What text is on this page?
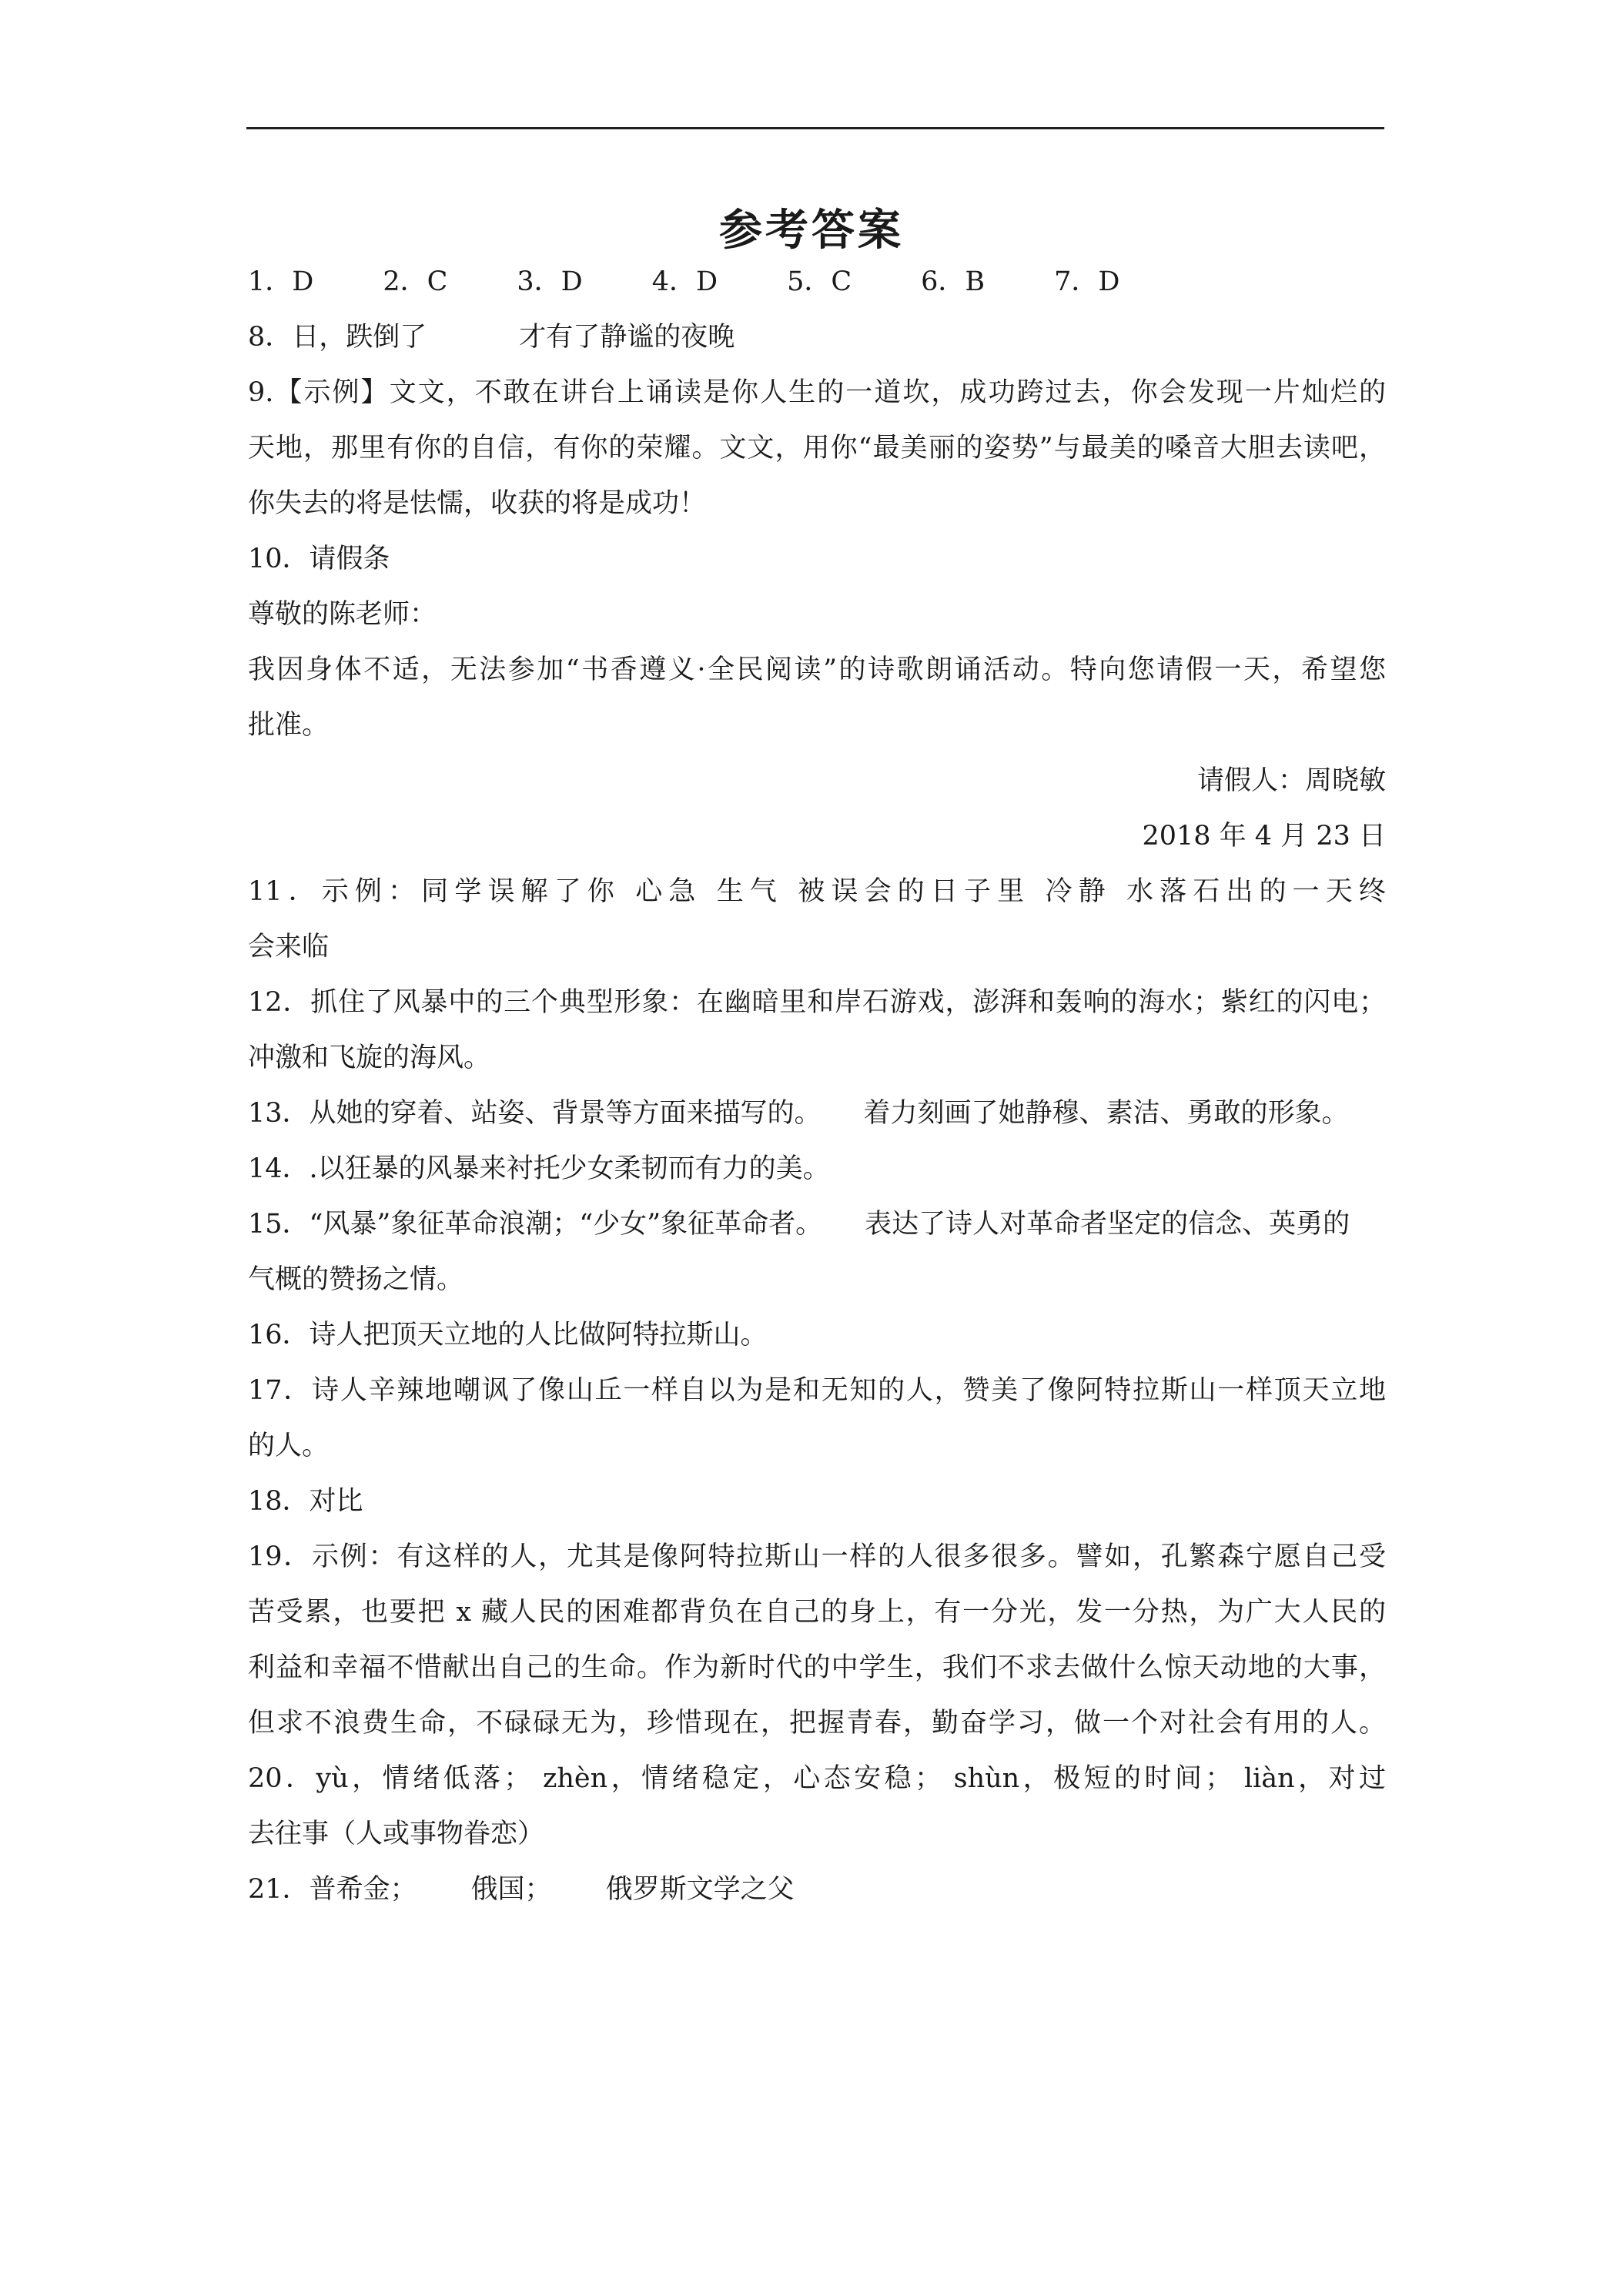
参考答案
1．D	2．C	3．D	4．D	5．C	6．B	7．D
8．日，跌倒了	才有了静谧的夜晚
9.【示例】文文，不敢在讲台上诵读是你人生的一道坎，成功跨过去，你会发现一片灿烂的
天地，那里有你的自信，有你的荣耀。文文，用你“最美丽的姿势”与最美的嗓音大胆去读吧，
你失去的将是怯懦，收获的将是成功！
10．请假条
尊敬的陈老师：
我因身体不适，无法参加“书香遵义·全民阅读”的诗歌朗诵活动。特向您请假一天，希望您
批准。
请假人：周晓敏
2018 年 4 月 23 日
11．示例：同学误解了你 心急 生气 被误会的日子里 冷静 水落石出的一天终
会来临
12．抓住了风暴中的三个典型形象：在幽暗里和岸石游戏，澎湃和轰响的海水；紫红的闪电；
冲激和飞旋的海风。
13．从她的穿着、站姿、背景等方面来描写的。 着力刻画了她静穆、素洁、勇敢的形象。
14．.以狂暴的风暴来衬托少女柔韧而有力的美。
15．“风暴”象征革命浪潮；“少女”象征革命者。 表达了诗人对革命者坚定的信念、英勇的
气概的赞扬之情。
16．诗人把顶天立地的人比做阿特拉斯山。
17．诗人辛辣地嘲讽了像山丘一样自以为是和无知的人，赞美了像阿特拉斯山一样顶天立地
的人。
18．对比
19．示例：有这样的人，尤其是像阿特拉斯山一样的人很多很多。譬如，孔繁森宁愿自己受
苦受累，也要把 x 藏人民的困难都背负在自己的身上，有一分光，发一分热，为广大人民的
利益和幸福不惜献出自己的生命。作为新时代的中学生，我们不求去做什么惊天动地的大事，
但求不浪费生命，不碌碌无为，珍惜现在，把握青春，勤奋学习，做一个对社会有用的人。
20．yù，情绪低落； zhèn，情绪稳定，心态安稳； shùn，极短的时间； liàn，对过
去往事（人或事物眷恋）
21．普希金； 俄国； 俄罗斯文学之父
